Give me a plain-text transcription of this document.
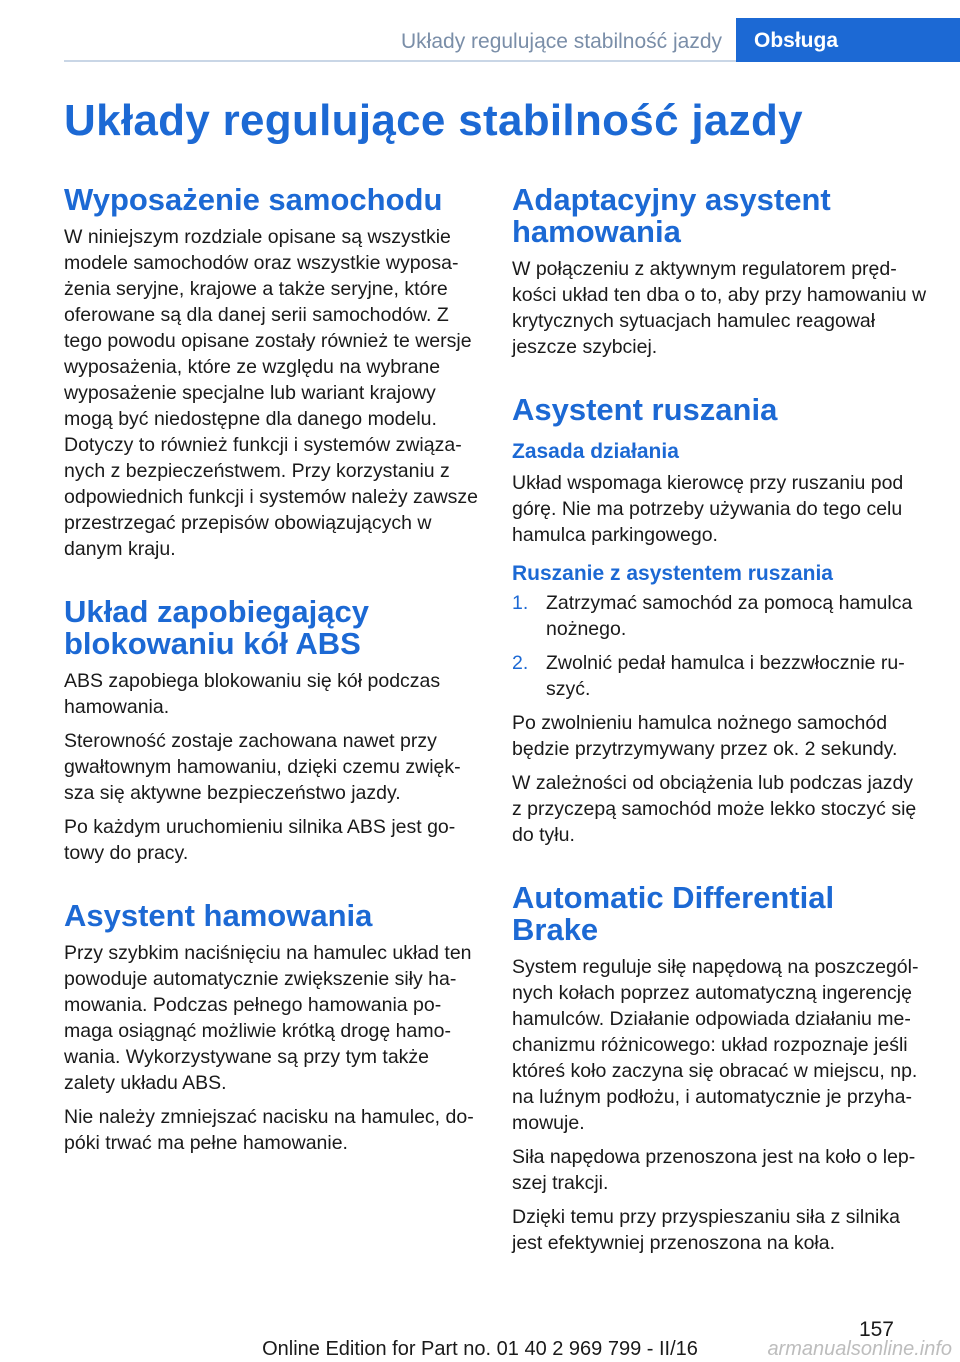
Układy regulujące stabilność jazdy	Obsługa
Układy regulujące stabilność jazdy
Wyposażenie samochodu

W niniejszym rozdziale opisane są wszystkie modele samochodów oraz wszystkie wyposażenia seryjne, krajowe a także seryjne, które oferowane są dla danej serii samochodów. Z tego powodu opisane zostały również te wersje wyposażenia, które ze względu na wybrane wyposażenie specjalne lub wariant krajowy mogą być niedostępne dla danego modelu. Dotyczy to również funkcji i systemów związanych z bezpieczeństwem. Przy korzystaniu z odpowiednich funkcji i systemów należy zawsze przestrzegać przepisów obowiązujących w danym kraju.

Układ zapobiegający blokowaniu kół ABS

ABS zapobiega blokowaniu się kół podczas hamowania.

Sterowność zostaje zachowana nawet przy gwałtownym hamowaniu, dzięki czemu zwiększa się aktywne bezpieczeństwo jazdy.

Po każdym uruchomieniu silnika ABS jest gotowy do pracy.

Asystent hamowania

Przy szybkim naciśnięciu na hamulec układ ten powoduje automatycznie zwiększenie siły hamowania. Podczas pełnego hamowania pomaga osiągnąć możliwie krótką drogę hamowania. Wykorzystywane są przy tym także zalety układu ABS.

Nie należy zmniejszać nacisku na hamulec, dopóki trwać ma pełne hamowanie.

Adaptacyjny asystent hamowania

W połączeniu z aktywnym regulatorem prędkości układ ten dba o to, aby przy hamowaniu w krytycznych sytuacjach hamulec reagował jeszcze szybciej.

Asystent ruszania
Zasada działania

Układ wspomaga kierowcę przy ruszaniu pod górę. Nie ma potrzeby używania do tego celu hamulca parkingowego.

Ruszanie z asystentem ruszania
1. Zatrzymać samochód za pomocą hamulca nożnego.
2. Zwolnić pedał hamulca i bezzwłocznie ruszyć.

Po zwolnieniu hamulca nożnego samochód będzie przytrzymywany przez ok. 2 sekundy.

W zależności od obciążenia lub podczas jazdy z przyczepą samochód może lekko stoczyć się do tyłu.

Automatic Differential Brake

System reguluje siłę napędową na poszczególnych kołach poprzez automatyczną ingerencję hamulców. Działanie odpowiada działaniu mechanizmu różnicowego: układ rozpoznaje jeśli któreś koło zaczyna się obracać w miejscu, np. na luźnym podłożu, i automatycznie je przyhamowuje.

Siła napędowa przenoszona jest na koło o lepszej trakcji.

Dzięki temu przy przyspieszaniu siła z silnika jest efektywniej przenoszona na koła.

157
Online Edition for Part no. 01 40 2 969 799 - II/16	armanualsonline.info
